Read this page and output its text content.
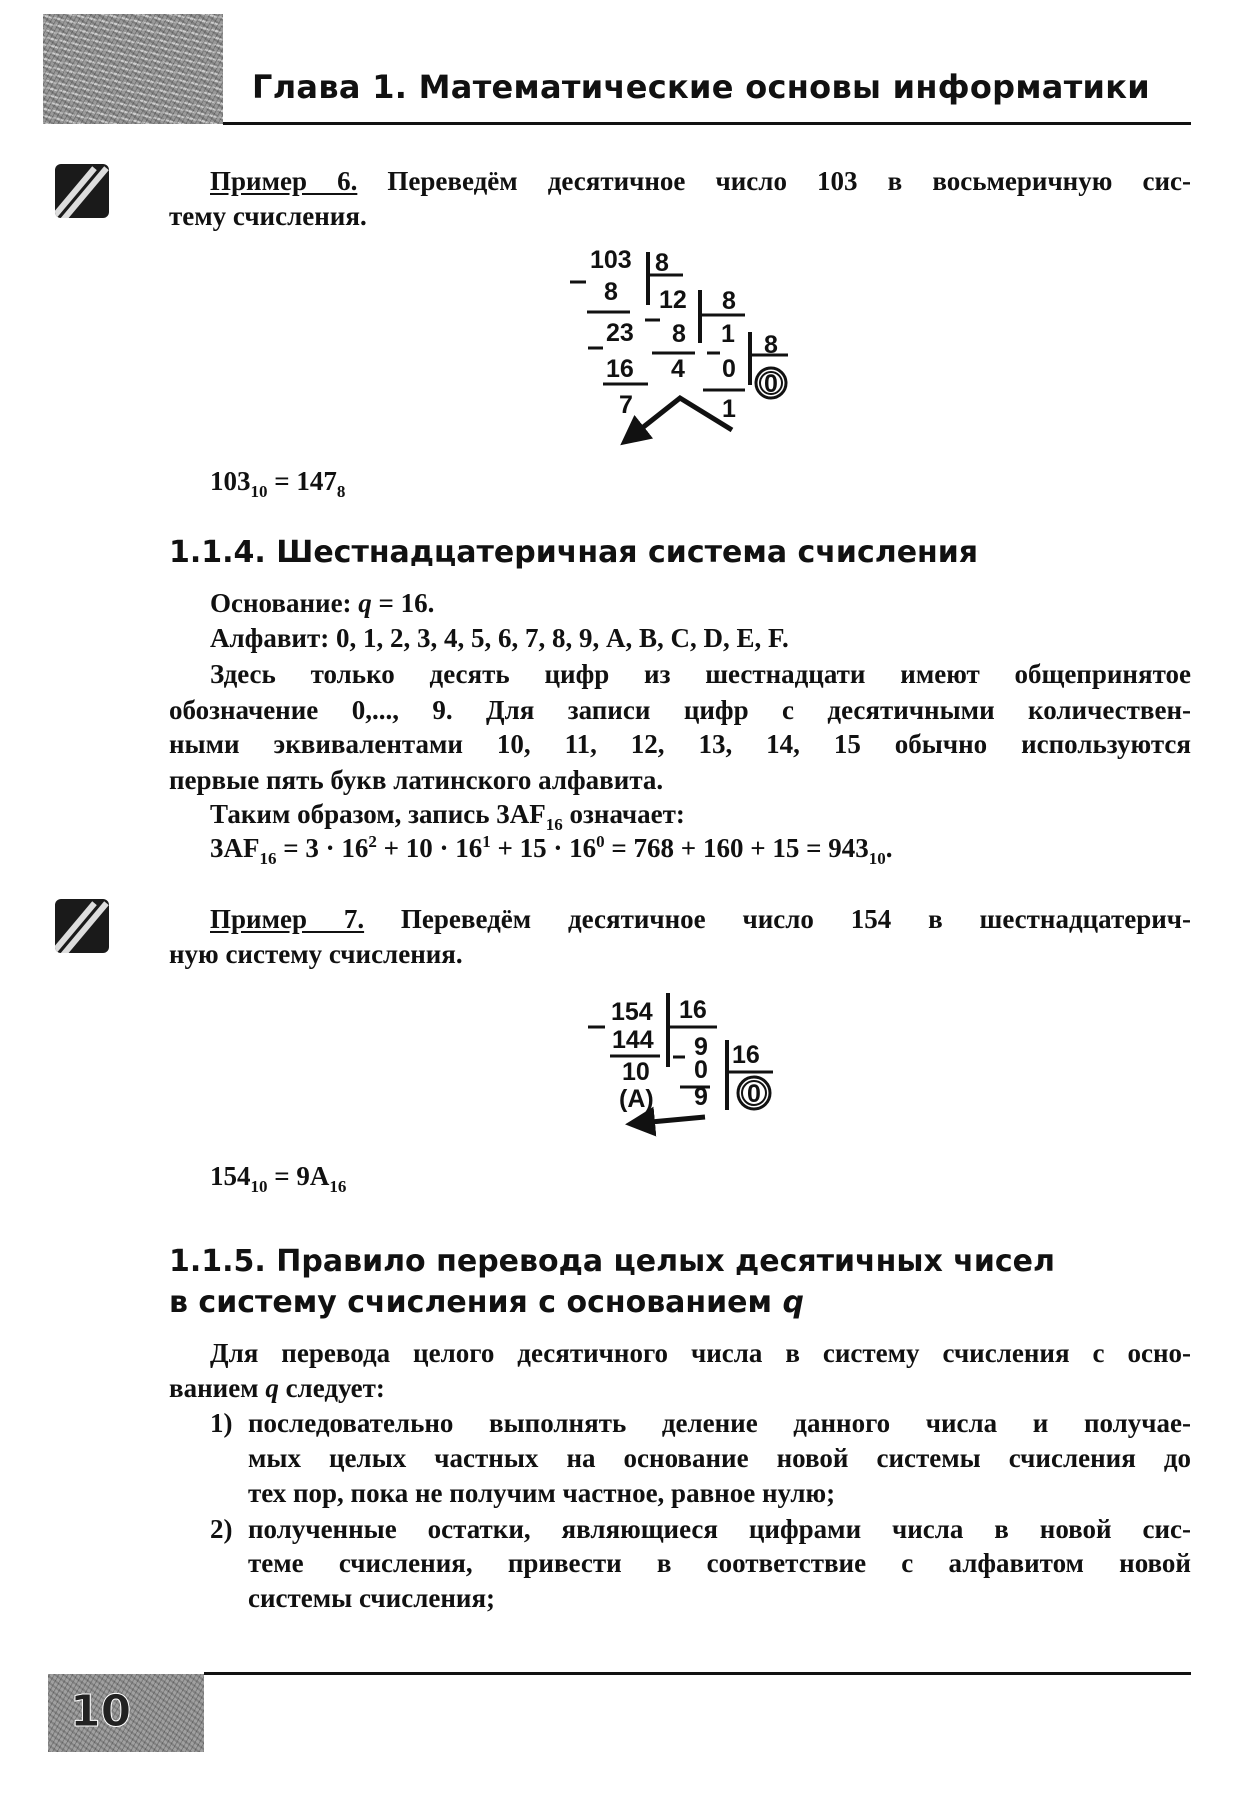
Глава 1. Математические основы информатики
Пример 6. Переведём десятичное число 103 в восьмеричную сис-
тему счисления.
103 8
8 12 8
23 8 1 8
16 4 0
0
7	1
154 16
144 9 16
10 0
(A) 9 0
$103_{10} = 147_8$
1.1.4. Шестнадцатеричная система счисления
Основание: q = 16.
Алфавит: 0, 1, 2, 3, 4, 5, 6, 7, 8, 9, A, B, C, D, E, F.
Здесь только десять цифр из шестнадцати имеют общепринятое
обозначение 0,..., 9. Для записи цифр с десятичными количествен-
ными эквивалентами 10, 11, 12, 13, 14, 15 обычно используются
первые пять букв латинского алфавита.
Таким образом, запись $3AF_{16}$ означает:
$3AF_{16} = 3 \cdot 16^2 + 10 \cdot 16^1 + 15 \cdot 16^0 = 768 + 160 + 15 = 943_{10}$.
Пример 7. Переведём десятичное число 154 в шестнадцатерич-
ную систему счисления.
$154_{10} = 9A_{16}$
1.1.5. Правило перевода целых десятичных чисел
в систему счисления с основанием q
Для перевода целого десятичного числа в систему счисления с осно-
ванием q следует:
1) последовательно выполнять деление данного числа и получае-
мых целых частных на основание новой системы счисления до
тех пор, пока не получим частное, равное нулю;
2) полученные остатки, являющиеся цифрами числа в новой сис-
теме счисления, привести в соответствие с алфавитом новой
системы счисления;
10
